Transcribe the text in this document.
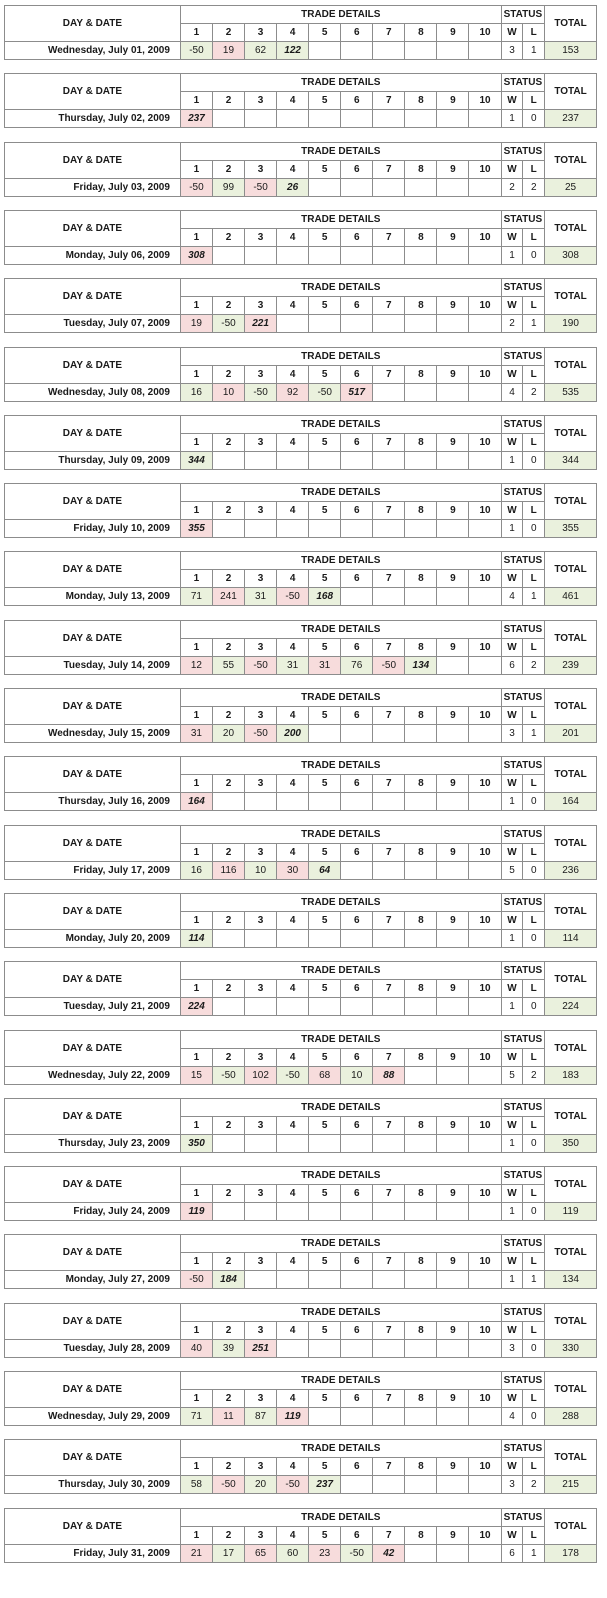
DAY & DATE	TRADE DETAILS										STATUS		TOTAL
	1	2	3	4	5	6	7	8	9	10	W	L	
Wednesday, July 01, 2009	-50	19	62	122							3	1	153
DAY & DATE	TRADE DETAILS										STATUS		TOTAL
	1	2	3	4	5	6	7	8	9	10	W	L	
Thursday, July 02, 2009	237										1	0	237
DAY & DATE	TRADE DETAILS										STATUS		TOTAL
	1	2	3	4	5	6	7	8	9	10	W	L	
Friday, July 03, 2009	-50	99	-50	26							2	2	25
DAY & DATE	TRADE DETAILS										STATUS		TOTAL
	1	2	3	4	5	6	7	8	9	10	W	L	
Monday, July 06, 2009	308										1	0	308
DAY & DATE	TRADE DETAILS										STATUS		TOTAL
	1	2	3	4	5	6	7	8	9	10	W	L	
Tuesday, July 07, 2009	19	-50	221								2	1	190
DAY & DATE	TRADE DETAILS										STATUS		TOTAL
	1	2	3	4	5	6	7	8	9	10	W	L	
Wednesday, July 08, 2009	16	10	-50	92	-50	517					4	2	535
DAY & DATE	TRADE DETAILS										STATUS		TOTAL
	1	2	3	4	5	6	7	8	9	10	W	L	
Thursday, July 09, 2009	344										1	0	344
DAY & DATE	TRADE DETAILS										STATUS		TOTAL
	1	2	3	4	5	6	7	8	9	10	W	L	
Friday, July 10, 2009	355										1	0	355
DAY & DATE	TRADE DETAILS										STATUS		TOTAL
	1	2	3	4	5	6	7	8	9	10	W	L	
Monday, July 13, 2009	71	241	31	-50	168						4	1	461
DAY & DATE	TRADE DETAILS										STATUS		TOTAL
	1	2	3	4	5	6	7	8	9	10	W	L	
Tuesday, July 14, 2009	12	55	-50	31	31	76	-50	134			6	2	239
DAY & DATE	TRADE DETAILS										STATUS		TOTAL
	1	2	3	4	5	6	7	8	9	10	W	L	
Wednesday, July 15, 2009	31	20	-50	200							3	1	201
DAY & DATE	TRADE DETAILS										STATUS		TOTAL
	1	2	3	4	5	6	7	8	9	10	W	L	
Thursday, July 16, 2009	164										1	0	164
DAY & DATE	TRADE DETAILS										STATUS		TOTAL
	1	2	3	4	5	6	7	8	9	10	W	L	
Friday, July 17, 2009	16	116	10	30	64						5	0	236
DAY & DATE	TRADE DETAILS										STATUS		TOTAL
	1	2	3	4	5	6	7	8	9	10	W	L	
Monday, July 20, 2009	114										1	0	114
DAY & DATE	TRADE DETAILS										STATUS		TOTAL
	1	2	3	4	5	6	7	8	9	10	W	L	
Tuesday, July 21, 2009	224										1	0	224
DAY & DATE	TRADE DETAILS										STATUS		TOTAL
	1	2	3	4	5	6	7	8	9	10	W	L	
Wednesday, July 22, 2009	15	-50	102	-50	68	10	88				5	2	183
DAY & DATE	TRADE DETAILS										STATUS		TOTAL
	1	2	3	4	5	6	7	8	9	10	W	L	
Thursday, July 23, 2009	350										1	0	350
DAY & DATE	TRADE DETAILS										STATUS		TOTAL
	1	2	3	4	5	6	7	8	9	10	W	L	
Friday, July 24, 2009	119										1	0	119
DAY & DATE	TRADE DETAILS										STATUS		TOTAL
	1	2	3	4	5	6	7	8	9	10	W	L	
Monday, July 27, 2009	-50	184									1	1	134
DAY & DATE	TRADE DETAILS										STATUS		TOTAL
	1	2	3	4	5	6	7	8	9	10	W	L	
Tuesday, July 28, 2009	40	39	251								3	0	330
DAY & DATE	TRADE DETAILS										STATUS		TOTAL
	1	2	3	4	5	6	7	8	9	10	W	L	
Wednesday, July 29, 2009	71	11	87	119							4	0	288
DAY & DATE	TRADE DETAILS										STATUS		TOTAL
	1	2	3	4	5	6	7	8	9	10	W	L	
Thursday, July 30, 2009	58	-50	20	-50	237						3	2	215
DAY & DATE	TRADE DETAILS										STATUS		TOTAL
	1	2	3	4	5	6	7	8	9	10	W	L	
Friday, July 31, 2009	21	17	65	60	23	-50	42				6	1	178
